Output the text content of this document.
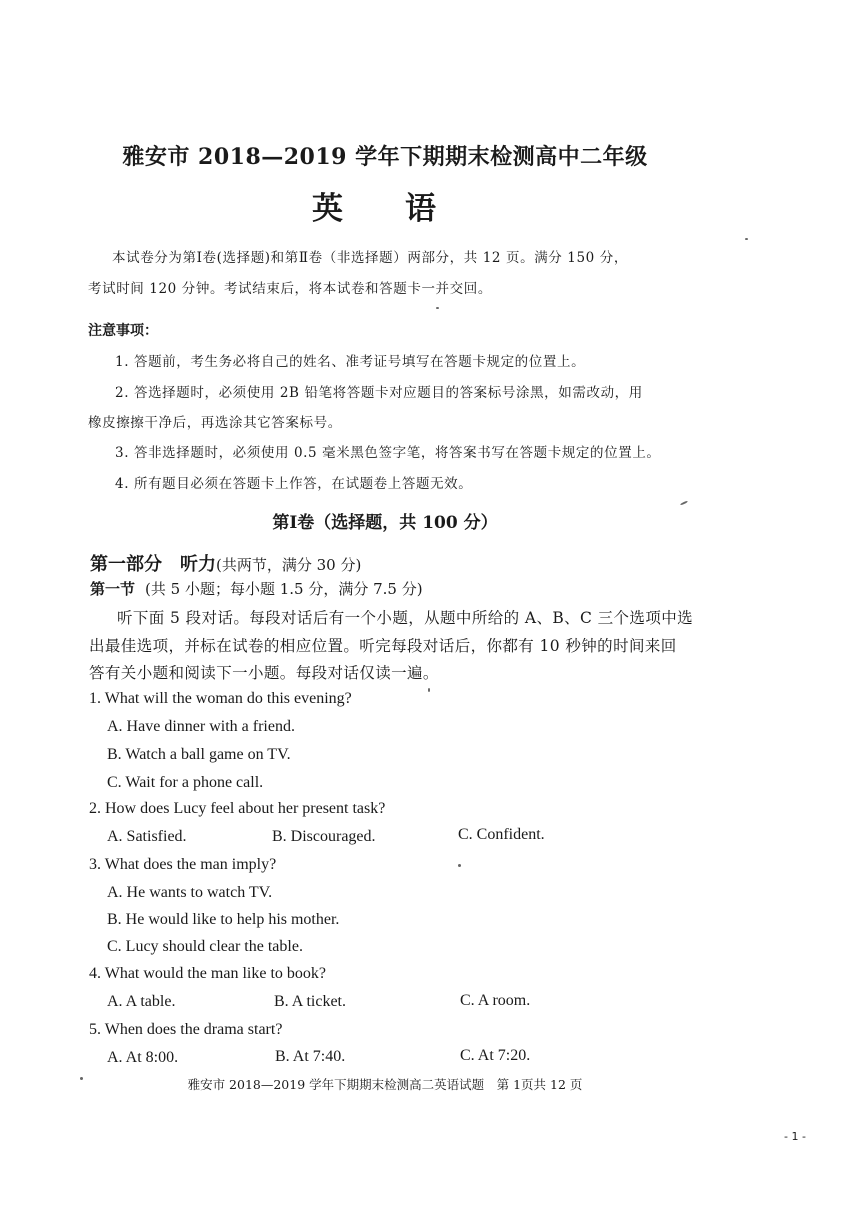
雅安市 2018—2019 学年下期期末检测高中二年级
英语
本试卷分为第Ⅰ卷(选择题)和第Ⅱ卷（非选择题）两部分，共 12 页。满分 150 分，
考试时间 120 分钟。考试结束后，将本试卷和答题卡一并交回。
注意事项：
1. 答题前，考生务必将自己的姓名、准考证号填写在答题卡规定的位置上。
2. 答选择题时，必须使用 2B 铅笔将答题卡对应题目的答案标号涂黑，如需改动，用
橡皮擦擦干净后，再选涂其它答案标号。
3. 答非选择题时，必须使用 0.5 毫米黑色签字笔，将答案书写在答题卡规定的位置上。
4. 所有题目必须在答题卡上作答，在试题卷上答题无效。
第Ⅰ卷（选择题，共 100 分）
第一部分　听力(共两节，满分 30 分)
第一节 (共 5 小题；每小题 1.5 分，满分 7.5 分)
听下面 5 段对话。每段对话后有一个小题，从题中所给的 A、B、C 三个选项中选
出最佳选项，并标在试卷的相应位置。听完每段对话后，你都有 10 秒钟的时间来回
答有关小题和阅读下一小题。每段对话仅读一遍。
1. What will the woman do this evening?
A. Have dinner with a friend.
B. Watch a ball game on TV.
C. Wait for a phone call.
2. How does Lucy feel about her present task?
A. Satisfied.	B. Discouraged.	C. Confident.
3. What does the man imply?
A. He wants to watch TV.
B. He would like to help his mother.
C. Lucy should clear the table.
4. What would the man like to book?
A. A table.	B. A ticket.	C. A room.
5. When does the drama start?
A. At 8:00.	B. At 7:40.	C. At 7:20.
雅安市 2018—2019 学年下期期末检测高二英语试题　第 1页共 12 页
- 1 -
